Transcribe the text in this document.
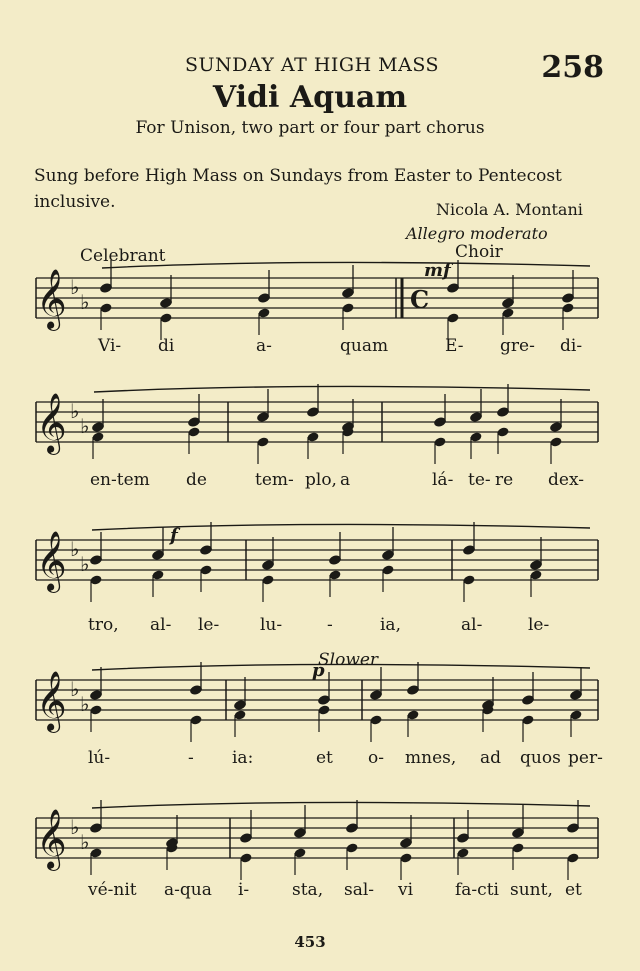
SUNDAY AT HIGH MASS	258
Vidi Aquam
For Unison, two part or four part chorus
Sung before High Mass on Sundays from Easter to Pentecost
inclusive.	Nicola A. Montani
Allegro moderato
Celebrant	Choir
mf
f
p
Slower
𝄞 ♭
♭	C
𝄞 ♭
♭
𝄞 ♭
♭
𝄞 ♭
♭
𝄞 ♭
♭
Vi- di	a-	quam	E- gre- di-
en-tem de	tem- plo, a	lá- te- re dex-
tro, al- le- lu-	-	ia,	al-	le-
lú-	- ia:	et o- mnes, ad quos per-
vé-nit a-qua i-	sta, sal- vi fa-cti sunt, et
453
